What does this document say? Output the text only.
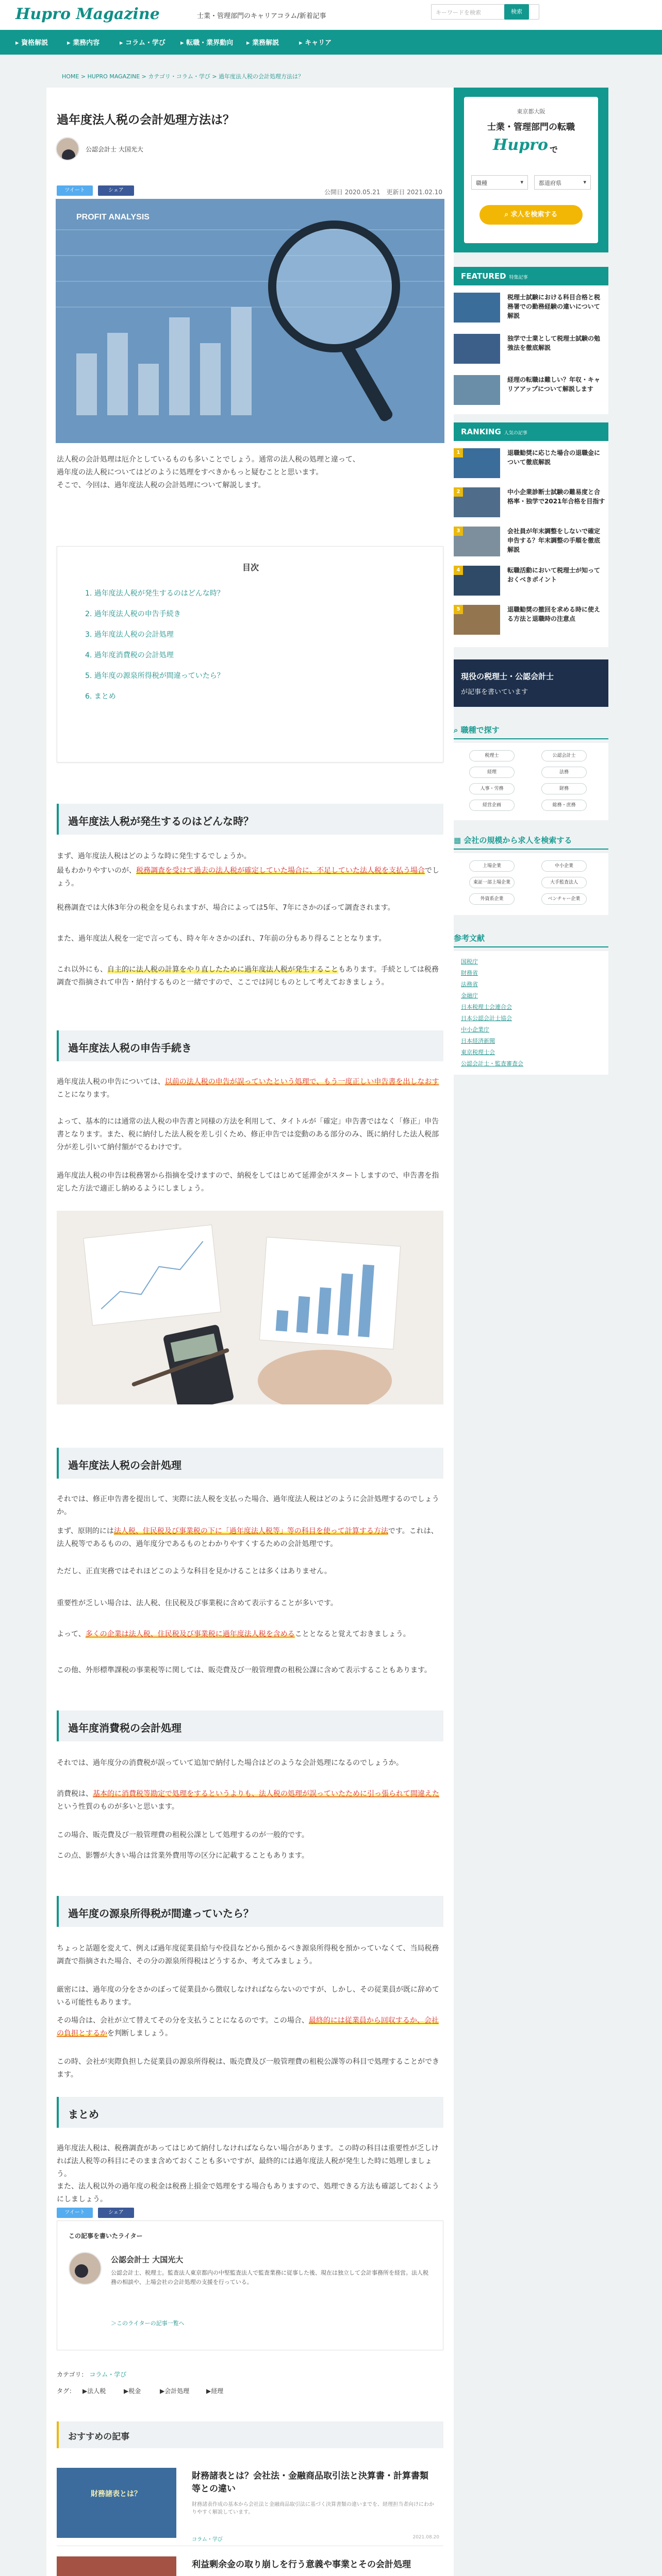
Hupro Magazine	士業・管理部門のキャリアコラム/新着記事	キーワードを検索	検索
▸ 資格解説	▸ 業務内容	▸ コラム・学び ▸ 転職・業界動向 ▸ 業務解説	▸ キャリア
HOME > HUPRO MAGAZINE > カテゴリ・コラム・学び > 過年度法人税の会計処理方法は？
過年度法人税の会計処理方法は？
公認会計士 大国光大
ツイート	シェア	公開日 2020.05.21　更新日 2021.02.10
PROFIT ANALYSIS

法人税の会計処理は厄介としているものも多いことでしょう。通常の法人税の処理と違って、

過年度の法人税についてはどのように処理をすべきかもっと疑むことと思います。

そこで、今回は、過年度法人税の会計処理について解説します。

目次
1. 過年度法人税が発生するのはどんな時？
2. 過年度法人税の申告手続き
3. 過年度法人税の会計処理
4. 過年度消費税の会計処理
5. 過年度の源泉所得税が間違っていたら？
6. まとめ
過年度法人税が発生するのはどんな時？

まず、過年度法人税はどのような時に発生するでしょうか。

最もわかりやすいのが、税務調査を受けて過去の法人税が確定していた場合に、不足していた法人税を支払う場合でしょう。

税務調査では大体3年分の税金を見られますが、場合によっては5年、7年にさかのぼって調査されます。

また、過年度法人税を一定で言っても、時々年々さかのぼれ、7年前の分もあり得ることとなります。

これ以外にも、自主的に法人税の計算をやり直したために過年度法人税が発生することもあります。手続としては税務調査で指摘されて申告・納付するものと一緒ですので、ここでは同じものとして考えておきましょう。

過年度法人税の申告手続き

過年度法人税の申告については、以前の法人税の申告が誤っていたという処理で、もう一度正しい申告書を出しなおすことになります。

よって、基本的には通常の法人税の申告書と同様の方法を利用して、タイトルが「確定」申告書ではなく「修正」申告書となります。また、税に納付した法人税を差し引くため、修正申告では変動のある部分のみ、既に納付した法人税部分が差し引いて納付額がでるわけです。

過年度法人税の申告は税務署から指摘を受けますので、納税をしてはじめて延滞金がスタートしますので、申告書を指定した方法で適正し納めるようにしましょう。

過年度法人税の会計処理

それでは、修正申告書を提出して、実際に法人税を支払った場合、過年度法人税はどのように会計処理するのでしょうか。

まず、原則的には法人税、住民税及び事業税の下に「過年度法人税等」等の科目を使って計算する方法です。これは、法人税等であるものの、過年度分であるものとわかりやすくするための会計処理です。

ただし、正直実務ではそれほどこのような科目を見かけることは多くはありません。

重要性が乏しい場合は、法人税、住民税及び事業税に含めて表示することが多いです。

よって、多くの企業は法人税、住民税及び事業税に過年度法人税を含めることとなると覚えておきましょう。

この他、外形標準課税の事業税等に関しては、販売費及び一般管理費の租税公課に含めて表示することもあります。

過年度消費税の会計処理

それでは、過年度分の消費税が誤っていて追加で納付した場合はどのような会計処理になるのでしょうか。

消費税は、基本的に消費税等勘定で処理をするというよりも、法人税の処理が誤っていたために引っ張られて間違えたという性質のものが多いと思います。

この場合、販売費及び一般管理費の租税公課として処理するのが一般的です。

この点、影響が大きい場合は営業外費用等の区分に記載することもあります。

過年度の源泉所得税が間違っていたら？

ちょっと話題を変えて、例えば過年度従業員給与や役員などから預かるべき源泉所得税を預かっていなくて、当局税務調査で指摘された場合、その分の源泉所得税はどうするか、考えてみましょう。

厳密には、過年度の分をさかのぼって従業員から徴収しなければならないのですが、しかし、その従業員が既に辞めている可能性もあります。

その場合は、会社が立て替えてその分を支払うことになるのです。この場合、最終的には従業員から回収するか、会社の負担とするかを判断しましょう。

この時、会社が実際負担した従業員の源泉所得税は、販売費及び一般管理費の租税公課等の科目で処理することができます。

まとめ

過年度法人税は、税務調査があってはじめて納付しなければならない場合があります。この時の科目は重要性が乏しければ法人税等の科目にそのまま含めておくことも多いですが、最終的には過年度法人税が発生した時に処理しましょう。

また、法人税以外の過年度の税金は税務上損金で処理をする場合もありますので、処理できる方法も確認しておくようにしましょう。

ツイート	シェア
この記事を書いたライター
公認会計士 大国光大
公認会計士、税理士。監査法人東京都内の中堅監査法人で監査業務に従事した後、現在は独立して会計事務所を経営。法人税務の相談や、上場会社の会計処理の支援を行っている。
＞このライターの記事一覧へ
カテゴリ： コラム・学び
タグ： ▶法人税	▶税金	▶会計処理	▶経理
おすすめの記事
財務諸表とは？
財務諸表とは？会社法・金融商品取引法と決算書・計算書類等との違い
財務諸表作成の基本から会社法と金融商品取引法に基づく決算書類の違いまでを、経理担当者向けにわかりやすく解説しています。
コラム・学び	2021.08.20
利益剰余金の取り崩しを行う意義や事業とその会計処理
東京都大阪
士業・管理部門の転職
Hupro で
職種	▾	都道府県	▾
⌕ 求人を検索する
FEATURED 特集記事
税理士試験における科目合格と税務署での勤務経験の違いについて解説
独学で士業として税理士試験の勉強法を徹底解説
経理の転職は難しい？年収・キャリアアップについて解説します
RANKING 人気の記事
1	退職勧奨に応じた場合の退職金について徹底解説
2	中小企業診断士試験の難易度と合格率・独学で2021年合格を目指す
3	会社員が年末調整をしないで確定申告する？年末調整の手順を徹底解説
4	転職活動において税理士が知っておくべきポイント
5	退職勧奨の撤回を求める時に使える方法と退職時の注意点
現役の税理士・公認会計士
が記事を書いています
⌕ 職種で探す
税理士	公認会計士
経理	法務
人事・労務	財務
経営企画	総務・庶務
▦ 会社の規模から求人を検索する
上場企業	中小企業
東証一部上場企業	大手監査法人
外資系企業	ベンチャー企業
参考文献
国税庁
財務省
法務省
金融庁
日本税理士会連合会
日本公認会計士協会
中小企業庁
日本経済新聞
東京税理士会
公認会計士・監査審査会
